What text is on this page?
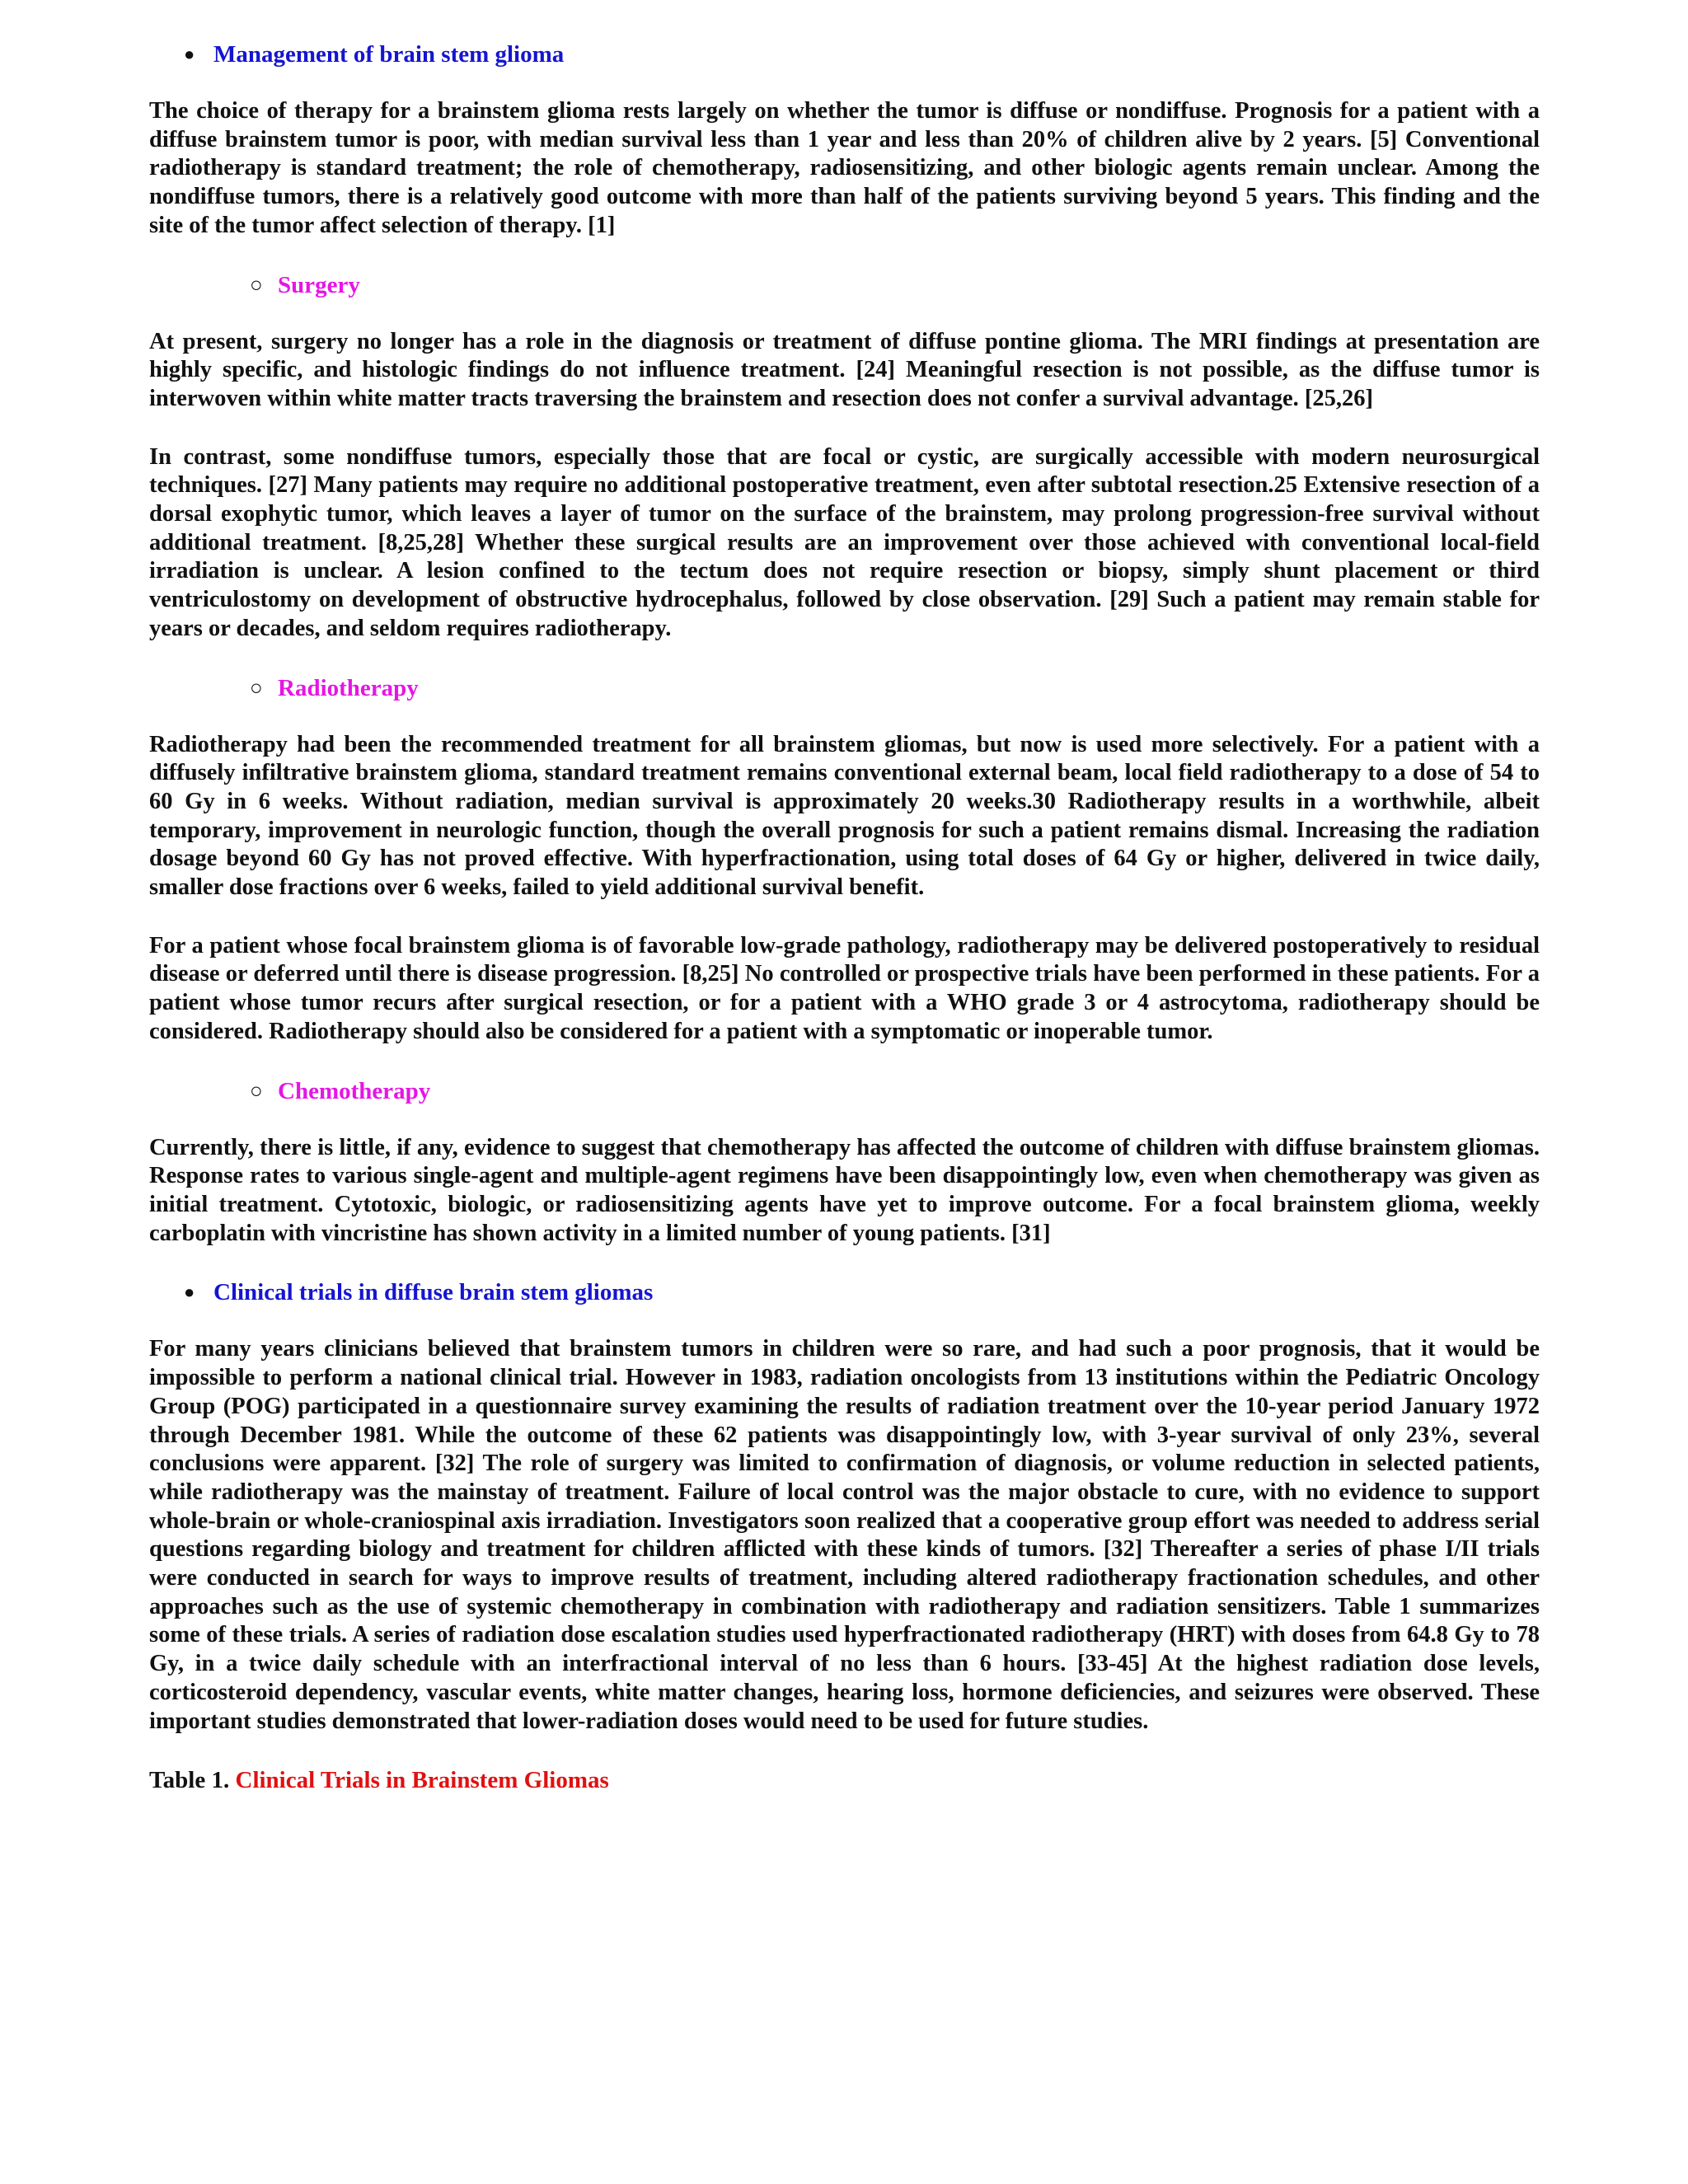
● Management of brain stem glioma

The choice of therapy for a brainstem glioma rests largely on whether the tumor is diffuse or nondiffuse. Prognosis for a patient with a diffuse brainstem tumor is poor, with median survival less than 1 year and less than 20% of children alive by 2 years. [5] Conventional radiotherapy is standard treatment; the role of chemotherapy, radiosensitizing, and other biologic agents remain unclear. Among the nondiffuse tumors, there is a relatively good outcome with more than half of the patients surviving beyond 5 years. This finding and the site of the tumor affect selection of therapy. [1]

○ Surgery

At present, surgery no longer has a role in the diagnosis or treatment of diffuse pontine glioma. The MRI findings at presentation are highly specific, and histologic findings do not influence treatment. [24] Meaningful resection is not possible, as the diffuse tumor is interwoven within white matter tracts traversing the brainstem and resection does not confer a survival advantage. [25,26]

In contrast, some nondiffuse tumors, especially those that are focal or cystic, are surgically accessible with modern neurosurgical techniques. [27] Many patients may require no additional postoperative treatment, even after subtotal resection.25 Extensive resection of a dorsal exophytic tumor, which leaves a layer of tumor on the surface of the brainstem, may prolong progression-free survival without additional treatment. [8,25,28] Whether these surgical results are an improvement over those achieved with conventional local-field irradiation is unclear. A lesion confined to the tectum does not require resection or biopsy, simply shunt placement or third ventriculostomy on development of obstructive hydrocephalus, followed by close observation. [29] Such a patient may remain stable for years or decades, and seldom requires radiotherapy.

○ Radiotherapy

Radiotherapy had been the recommended treatment for all brainstem gliomas, but now is used more selectively. For a patient with a diffusely infiltrative brainstem glioma, standard treatment remains conventional external beam, local field radiotherapy to a dose of 54 to 60 Gy in 6 weeks. Without radiation, median survival is approximately 20 weeks.30 Radiotherapy results in a worthwhile, albeit temporary, improvement in neurologic function, though the overall prognosis for such a patient remains dismal. Increasing the radiation dosage beyond 60 Gy has not proved effective. With hyperfractionation, using total doses of 64 Gy or higher, delivered in twice daily, smaller dose fractions over 6 weeks, failed to yield additional survival benefit.

For a patient whose focal brainstem glioma is of favorable low-grade pathology, radiotherapy may be delivered postoperatively to residual disease or deferred until there is disease progression. [8,25] No controlled or prospective trials have been performed in these patients. For a patient whose tumor recurs after surgical resection, or for a patient with a WHO grade 3 or 4 astrocytoma, radiotherapy should be considered. Radiotherapy should also be considered for a patient with a symptomatic or inoperable tumor.

○ Chemotherapy

Currently, there is little, if any, evidence to suggest that chemotherapy has affected the outcome of children with diffuse brainstem gliomas. Response rates to various single-agent and multiple-agent regimens have been disappointingly low, even when chemotherapy was given as initial treatment. Cytotoxic, biologic, or radiosensitizing agents have yet to improve outcome. For a focal brainstem glioma, weekly carboplatin with vincristine has shown activity in a limited number of young patients. [31]

● Clinical trials in diffuse brain stem gliomas

For many years clinicians believed that brainstem tumors in children were so rare, and had such a poor prognosis, that it would be impossible to perform a national clinical trial. However in 1983, radiation oncologists from 13 institutions within the Pediatric Oncology Group (POG) participated in a questionnaire survey examining the results of radiation treatment over the 10-year period January 1972 through December 1981. While the outcome of these 62 patients was disappointingly low, with 3-year survival of only 23%, several conclusions were apparent. [32] The role of surgery was limited to confirmation of diagnosis, or volume reduction in selected patients, while radiotherapy was the mainstay of treatment. Failure of local control was the major obstacle to cure, with no evidence to support whole-brain or whole-craniospinal axis irradiation. Investigators soon realized that a cooperative group effort was needed to address serial questions regarding biology and treatment for children afflicted with these kinds of tumors. [32] Thereafter a series of phase I/II trials were conducted in search for ways to improve results of treatment, including altered radiotherapy fractionation schedules, and other approaches such as the use of systemic chemotherapy in combination with radiotherapy and radiation sensitizers. Table 1 summarizes some of these trials. A series of radiation dose escalation studies used hyperfractionated radiotherapy (HRT) with doses from 64.8 Gy to 78 Gy, in a twice daily schedule with an interfractional interval of no less than 6 hours. [33-45] At the highest radiation dose levels, corticosteroid dependency, vascular events, white matter changes, hearing loss, hormone deficiencies, and seizures were observed. These important studies demonstrated that lower-radiation doses would need to be used for future studies.

Table 1. Clinical Trials in Brainstem Gliomas
